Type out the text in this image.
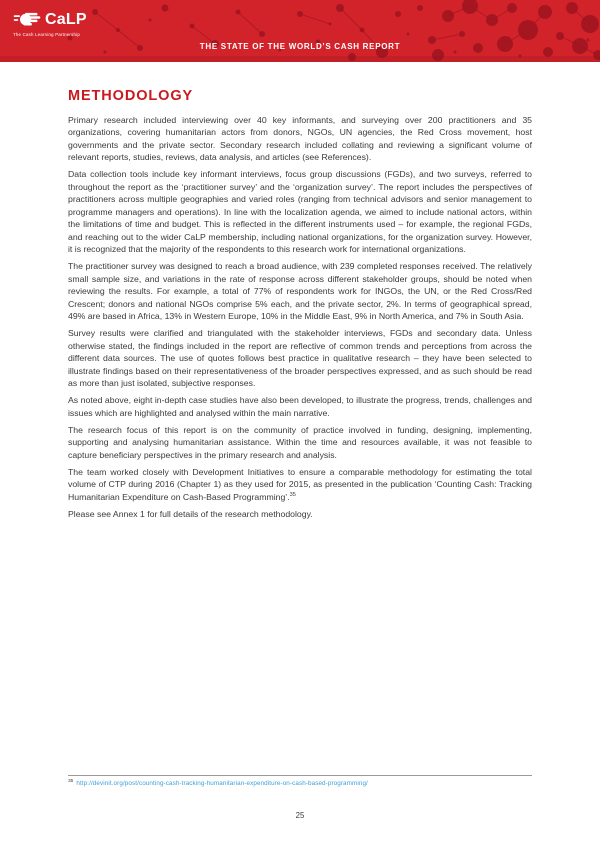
CaLP
The Cash Learning Partnership
THE STATE OF THE WORLD’S CASH REPORT
METHODOLOGY

Primary research included interviewing over 40 key informants, and surveying over 200 practitioners and 35 organizations, covering humanitarian actors from donors, NGOs, UN agencies, the Red Cross movement, host governments and the private sector. Secondary research included collating and reviewing a significant volume of relevant reports, studies, reviews, data analysis, and articles (see References).

Data collection tools include key informant interviews, focus group discussions (FGDs), and two surveys, referred to throughout the report as the ‘practitioner survey’ and the ‘organization survey’. The report includes the perspectives of practitioners across multiple geographies and varied roles (ranging from technical advisors and senior management to programme managers and operations). In line with the localization agenda, we aimed to include national actors, within the limitations of time and budget. This is reflected in the different instruments used – for example, the regional FGDs, and reaching out to the wider CaLP membership, including national organizations, for the organization survey. However, it is recognized that the majority of the respondents to this research work for international organizations.

The practitioner survey was designed to reach a broad audience, with 239 completed responses received. The relatively small sample size, and variations in the rate of response across different stakeholder groups, should be noted when reviewing the results. For example, a total of 77% of respondents work for INGOs, the UN, or the Red Cross/Red Crescent; donors and national NGOs comprise 5% each, and the private sector, 2%. In terms of geographical spread, 49% are based in Africa, 13% in Western Europe, 10% in the Middle East, 9% in North America, and 7% in South Asia.

Survey results were clarified and triangulated with the stakeholder interviews, FGDs and secondary data. Unless otherwise stated, the findings included in the report are reflective of common trends and perceptions from across the different data sources. The use of quotes follows best practice in qualitative research – they have been selected to illustrate findings based on their representativeness of the broader perspectives expressed, and as such should be read as more than just isolated, subjective responses.

As noted above, eight in-depth case studies have also been developed, to illustrate the progress, trends, challenges and issues which are highlighted and analysed within the main narrative.

The research focus of this report is on the community of practice involved in funding, designing, implementing, supporting and analysing humanitarian assistance. Within the time and resources available, it was not feasible to capture beneficiary perspectives in the primary research and analysis.

The team worked closely with Development Initiatives to ensure a comparable methodology for estimating the total volume of CTP during 2016 (Chapter 1) as they used for 2015, as presented in the publication ‘Counting Cash: Tracking Humanitarian Expenditure on Cash-Based Programming’.$^{35}$

Please see Annex 1 for full details of the research methodology.

$^{35}$ http://devinit.org/post/counting-cash-tracking-humanitarian-expenditure-on-cash-based-programming/
25
